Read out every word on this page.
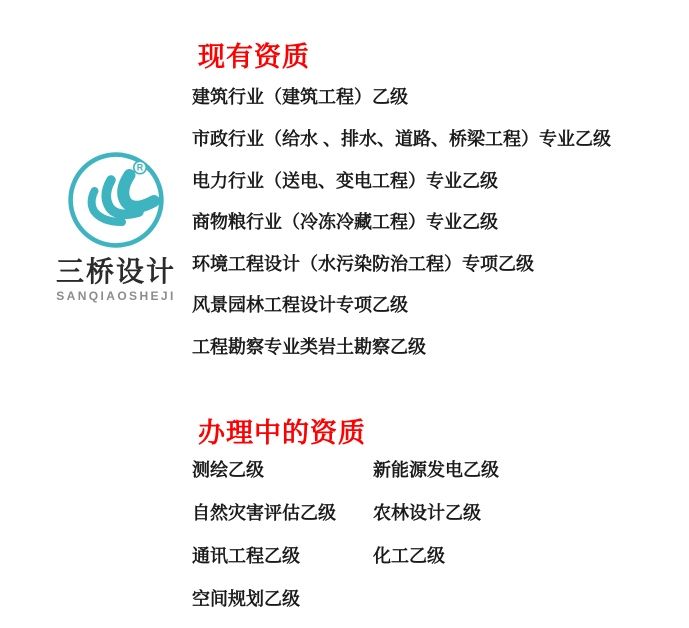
R
三桥设计
SANQIAOSHEJI
现有资质
建筑行业（建筑工程）乙级
市政行业（给水 、排水、道路、桥梁工程）专业乙级
电力行业（送电、变电工程）专业乙级
商物粮行业（冷冻冷藏工程）专业乙级
环境工程设计（水污染防治工程）专项乙级
风景园林工程设计专项乙级
工程勘察专业类岩土勘察乙级
办理中的资质
测绘乙级	新能源发电乙级
自然灾害评估乙级 农林设计乙级
通讯工程乙级	化工乙级
空间规划乙级
